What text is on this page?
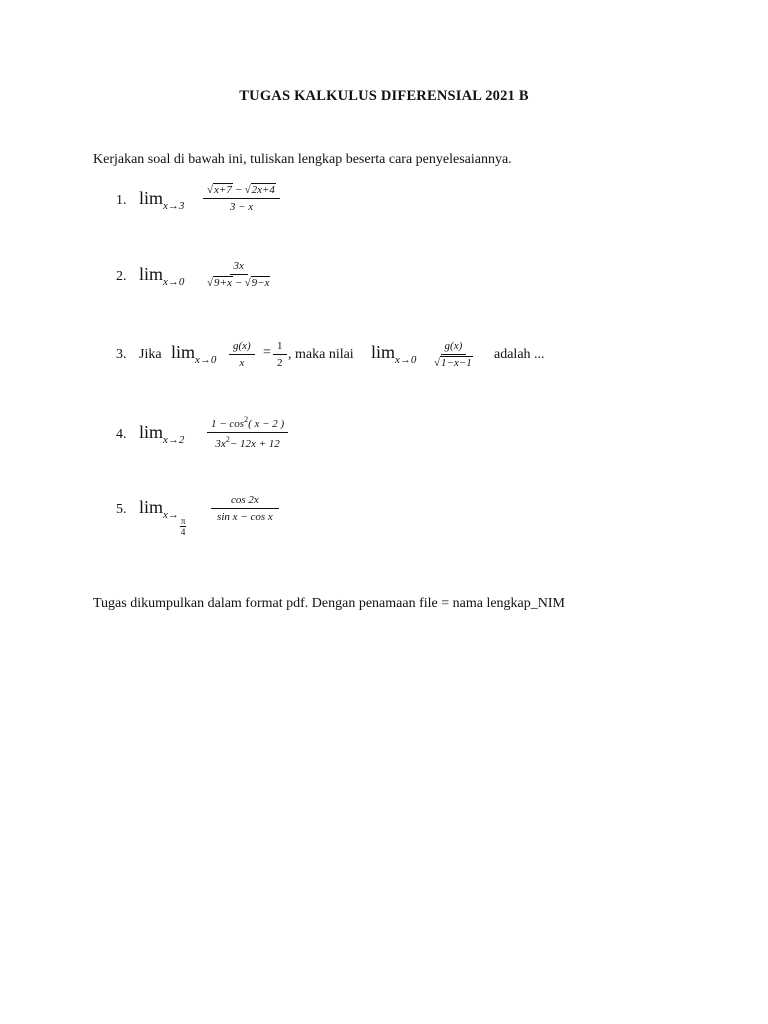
TUGAS KALKULUS DIFERENSIAL 2021 B
Kerjakan soal di bawah ini, tuliskan lengkap beserta cara penyelesaiannya.
1. $\lim_{x\to 3} \frac{√x+7 - √2x+4}{3 - x}$
2. $\lim_{x\to 0} \frac{3x}{√9+x - √9-x}$
3. Jika $\lim_{x\to 0} \frac{g(x)}{x} = \frac{1}{2}$ , maka nilai $\lim_{x\to 0} \frac{g(x)}{√1-x-1}$ adalah ...
4. $\lim_{x\to 2} \frac{1 - \cos^2( x - 2 )}{3x^2- 12x + 12}$
5. $\lim_{x\to}$
$\frac{\pi}{4}$
$\frac{\cos 2x}{\text{sin x − cos x}}$
Tugas dikumpulkan dalam format pdf. Dengan penamaan file = nama lengkap_NIM
